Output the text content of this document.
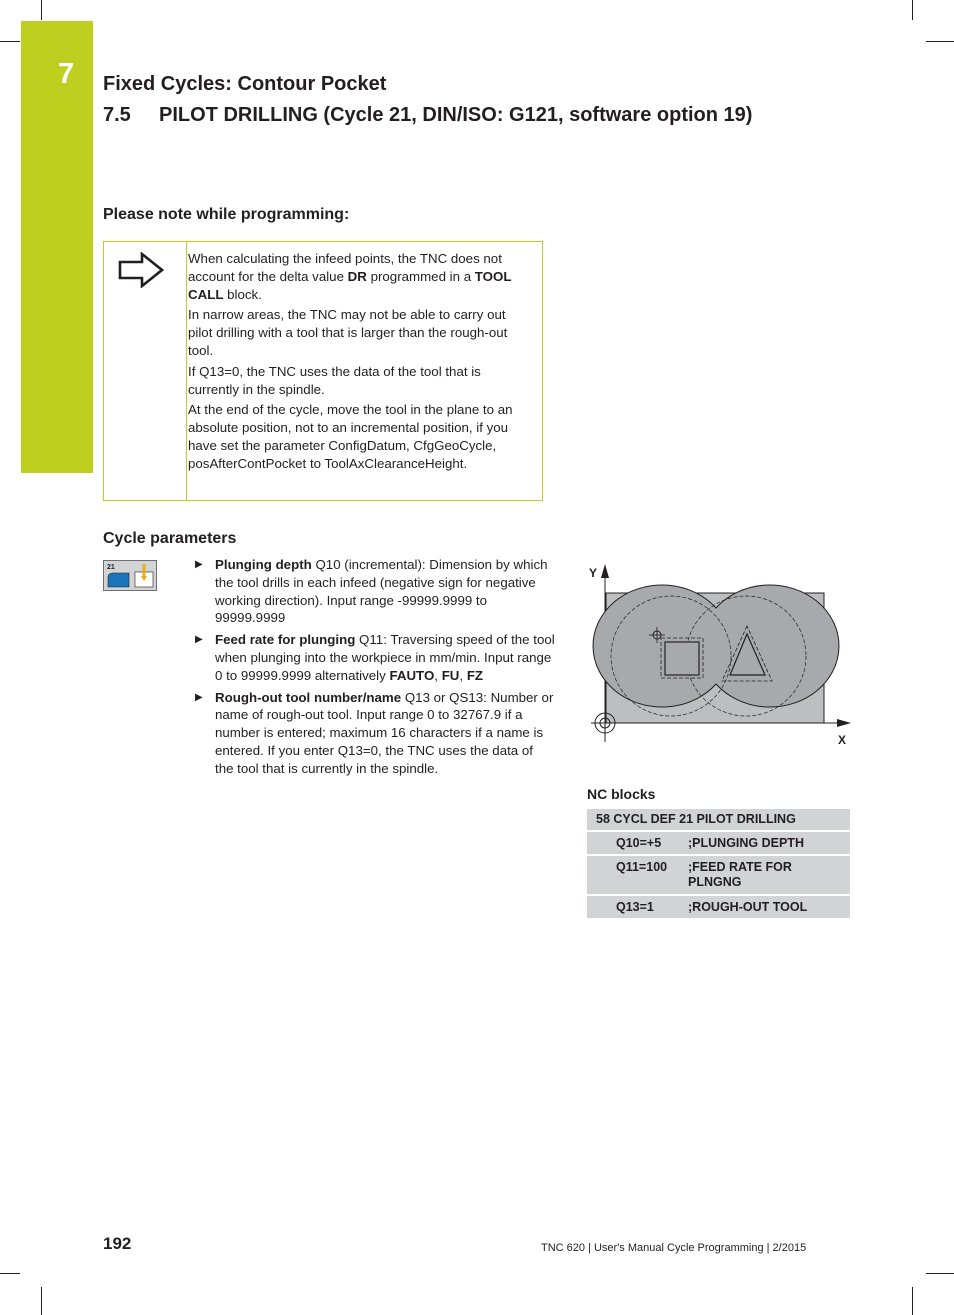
7 Fixed Cycles: Contour Pocket
7.5 PILOT DRILLING (Cycle 21, DIN/ISO: G121, software option 19)
Please note while programming:

When calculating the infeed points, the TNC does not account for the delta value DR programmed in a TOOL CALL block.

In narrow areas, the TNC may not be able to carry out pilot drilling with a tool that is larger than the rough-out tool.

If Q13=0, the TNC uses the data of the tool that is currently in the spindle.

At the end of the cycle, move the tool in the plane to an absolute position, not to an incremental position, if you have set the parameter ConfigDatum, CfgGeoCycle, posAfterContPocket to ToolAxClearanceHeight.

Cycle parameters
21	▶ Plunging depth Q10 (incremental): Dimension by which the tool drills in each infeed (negative sign for negative working direction). Input range -99999.9999 to 99999.9999
▶ Feed rate for plunging Q11: Traversing speed of the tool when plunging into the workpiece in mm/min. Input range 0 to 99999.9999 alternatively FAUTO, FU, FZ
▶ Rough-out tool number/name Q13 or QS13: Number or name of rough-out tool. Input range 0 to 32767.9 if a number is entered; maximum 16 characters if a name is entered. If you enter Q13=0, the TNC uses the data of the tool that is currently in the spindle.
Y
X
NC blocks
58 CYCL DEF 21 PILOT DRILLING
Q10=+5 ;PLUNGING DEPTH
Q11=100 ;FEED RATE FOR PLNGNG
Q13=1	;ROUGH-OUT TOOL
192	TNC 620 | User's Manual Cycle Programming | 2/2015
